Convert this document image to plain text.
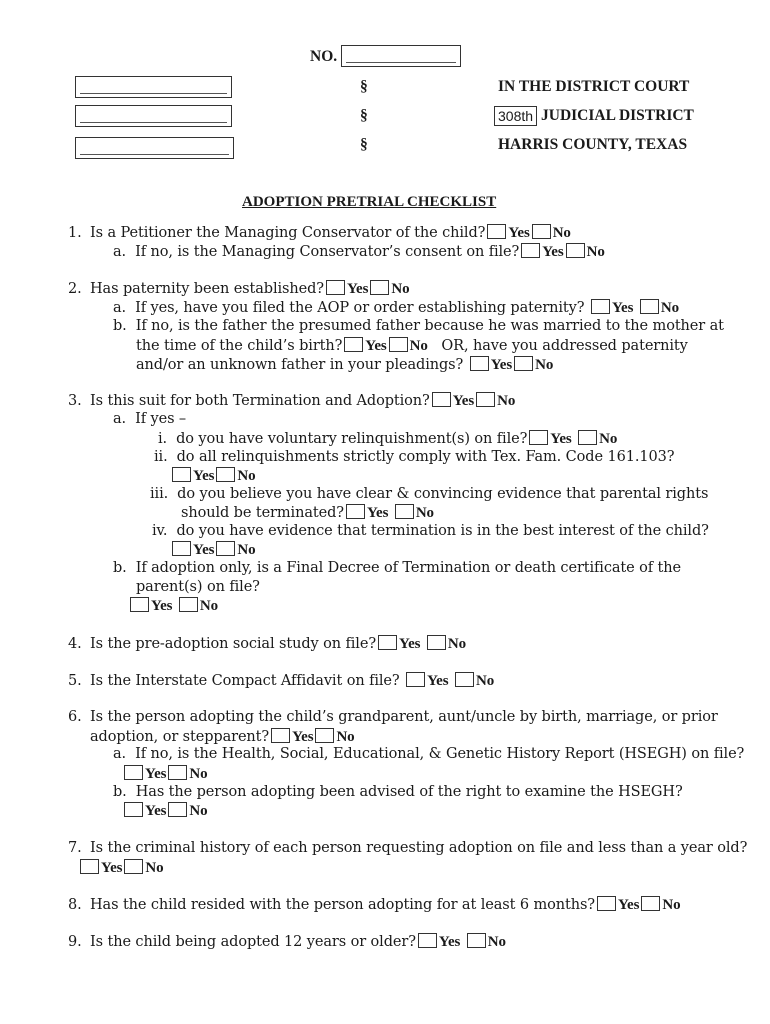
NO.
§
§
§
IN THE DISTRICT COURT
308th JUDICIAL DISTRICT
HARRIS COUNTY, TEXAS
ADOPTION PRETRIAL CHECKLIST
1. Is a Petitioner the Managing Conservator of the child? Yes No
a. If no, is the Managing Conservator’s consent on file? Yes No
2. Has paternity been established? Yes No
a. If yes, have you filed the AOP or order establishing paternity? Yes No
b. If no, is the father the presumed father because he was married to the mother at
the time of the child’s birth? Yes No OR, have you addressed paternity
and/or an unknown father in your pleadings? Yes No
3. Is this suit for both Termination and Adoption? Yes No
a. If yes –
i. do you have voluntary relinquishment(s) on file? Yes No
ii. do all relinquishments strictly comply with Tex. Fam. Code 161.103?
Yes No
iii. do you believe you have clear & convincing evidence that parental rights
should be terminated? Yes No
iv. do you have evidence that termination is in the best interest of the child?
Yes No
b. If adoption only, is a Final Decree of Termination or death certificate of the
parent(s) on file?
Yes No
4. Is the pre-adoption social study on file? Yes No
5. Is the Interstate Compact Affidavit on file? Yes No
6. Is the person adopting the child’s grandparent, aunt/uncle by birth, marriage, or prior
adoption, or stepparent? Yes No
a. If no, is the Health, Social, Educational, & Genetic History Report (HSEGH) on file?
Yes No
b. Has the person adopting been advised of the right to examine the HSEGH?
Yes No
7. Is the criminal history of each person requesting adoption on file and less than a year old?
Yes No
8. Has the child resided with the person adopting for at least 6 months? Yes No
9. Is the child being adopted 12 years or older? Yes No
